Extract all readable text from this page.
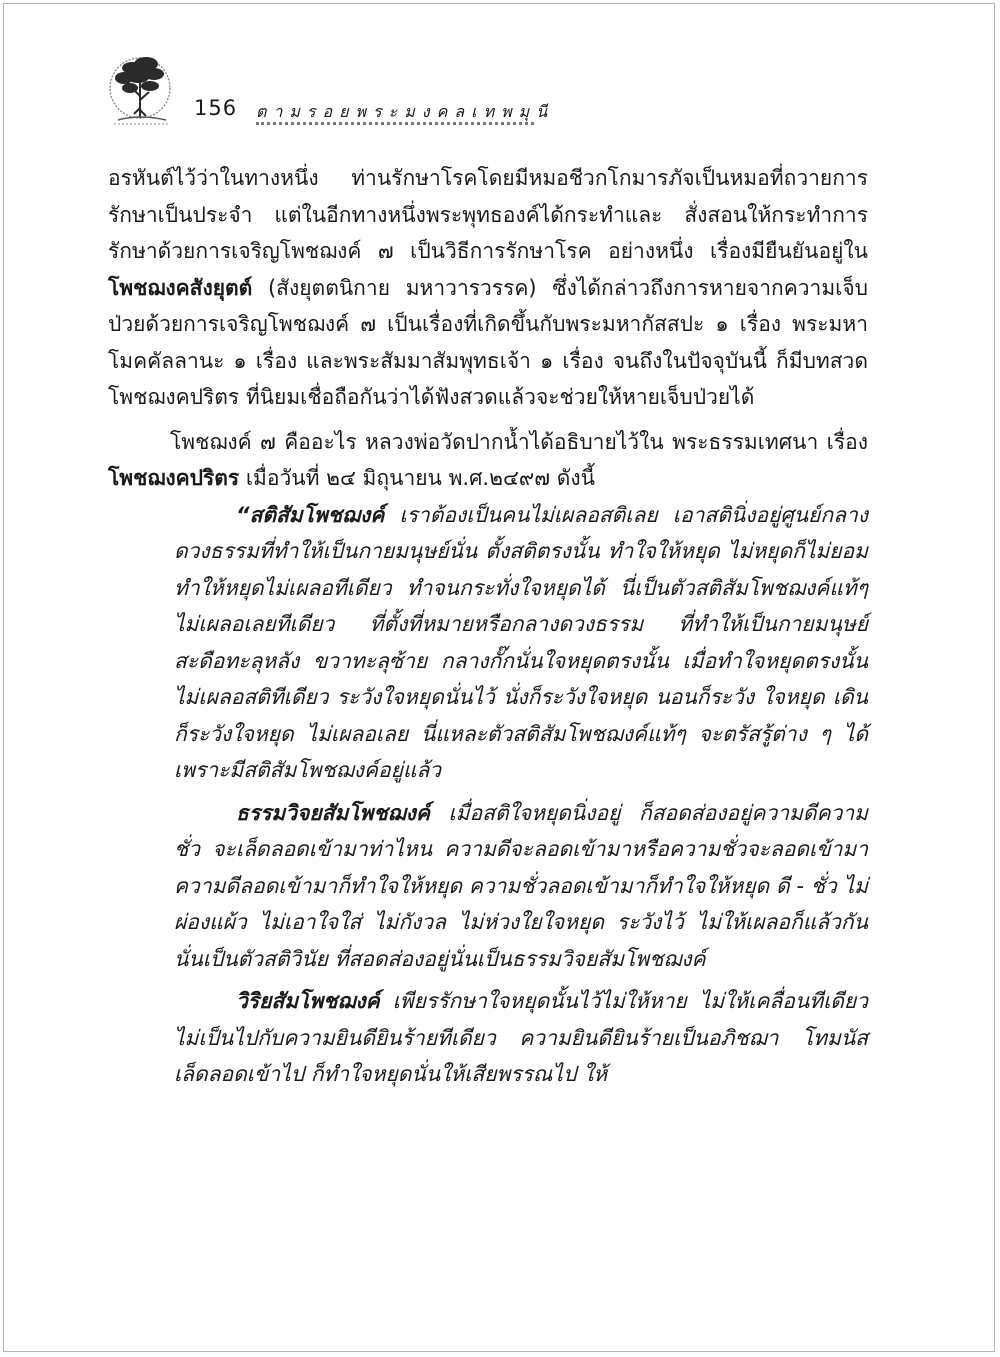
156 ตามรอยพระมงคลเทพมุนี

อรหันต์ไว้ว่าในทางหนึ่ง ท่านรักษาโรคโดยมีหมอชีวกโกมารภัจเป็นหมอที่ถวายการรักษาเป็นประจำ แต่ในอีกทางหนึ่งพระพุทธองค์ได้กระทำและ สั่งสอนให้กระทำการรักษาด้วยการเจริญโพชฌงค์ ๗ เป็นวิธีการรักษาโรค อย่างหนึ่ง เรื่องมียืนยันอยู่ใน โพชฌงคสังยุตต์ (สังยุตตนิกาย มหาวารวรรค) ซึ่งได้กล่าวถึงการหายจากความเจ็บป่วยด้วยการเจริญโพชฌงค์ ๗ เป็นเรื่องที่เกิดขึ้นกับพระมหากัสสปะ ๑ เรื่อง พระมหาโมคคัลลานะ ๑ เรื่อง และพระสัมมาสัมพุทธเจ้า ๑ เรื่อง จนถึงในปัจจุบันนี้ ก็มีบทสวดโพชฌงคปริตร ที่นิยมเชื่อถือกันว่าได้ฟังสวดแล้วจะช่วยให้หายเจ็บป่วยได้

โพชฌงค์ ๗ คืออะไร หลวงพ่อวัดปากน้ำได้อธิบายไว้ใน พระธรรมเทศนา เรื่อง โพชฌงคปริตร เมื่อวันที่ ๒๔ มิถุนายน พ.ศ.๒๔๙๗ ดังนี้

“สติสัมโพชฌงค์ เราต้องเป็นคนไม่เผลอสติเลย เอาสตินิ่งอยู่ศูนย์กลางดวงธรรมที่ทำให้เป็นกายมนุษย์นั่น ตั้งสติตรงนั้น ทำใจให้หยุด ไม่หยุดก็ไม่ยอม ทำให้หยุดไม่เผลอทีเดียว ทำจนกระทั่งใจหยุดได้ นี่เป็นตัวสติสัมโพชฌงค์แท้ๆ ไม่เผลอเลยทีเดียว ที่ตั้งที่หมายหรือกลางดวงธรรม ที่ทำให้เป็นกายมนุษย์ สะดือทะลุหลัง ขวาทะลุซ้าย กลางกั๊กนั่นใจหยุดตรงนั้น เมื่อทำใจหยุดตรงนั้น ไม่เผลอสติทีเดียว ระวังใจหยุดนั่นไว้ นั่งก็ระวังใจหยุด นอนก็ระวัง ใจหยุด เดินก็ระวังใจหยุด ไม่เผลอเลย นี่แหละตัวสติสัมโพชฌงค์แท้ๆ จะตรัสรู้ต่าง ๆ ได้ เพราะมีสติสัมโพชฌงค์อยู่แล้ว

ธรรมวิจยสัมโพชฌงค์ เมื่อสติใจหยุดนิ่งอยู่ ก็สอดส่องอยู่ความดีความชั่ว จะเล็ดลอดเข้ามาท่าไหน ความดีจะลอดเข้ามาหรือความชั่วจะลอดเข้ามา ความดีลอดเข้ามาก็ทำใจให้หยุด ความชั่วลอดเข้ามาก็ทำใจให้หยุด ดี - ชั่ว ไม่ผ่องแผ้ว ไม่เอาใจใส่ ไม่กังวล ไม่ห่วงใยใจหยุด ระวังไว้ ไม่ให้เผลอก็แล้วกัน นั่นเป็นตัวสติวินัย ที่สอดส่องอยู่นั่นเป็นธรรมวิจยสัมโพชฌงค์

วิริยสัมโพชฌงค์ เพียรรักษาใจหยุดนั้นไว้ไม่ให้หาย ไม่ให้เคลื่อนทีเดียว ไม่เป็นไปกับความยินดียินร้ายทีเดียว ความยินดียินร้ายเป็นอภิชฌา โทมนัส เล็ดลอดเข้าไป ก็ทำใจหยุดนั่นให้เสียพรรณไป ให้
